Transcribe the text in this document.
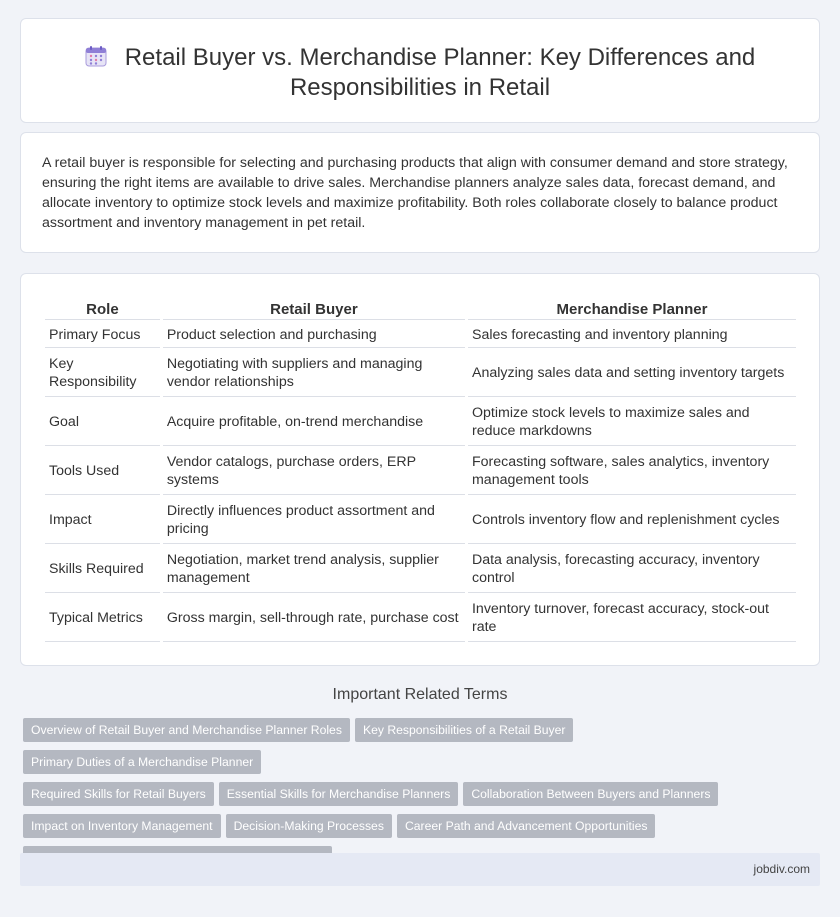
Retail Buyer vs. Merchandise Planner: Key Differences and
Responsibilities in Retail

A retail buyer is responsible for selecting and purchasing products that align with consumer demand and store strategy, ensuring the right items are available to drive sales. Merchandise planners analyze sales data, forecast demand, and allocate inventory to optimize stock levels and maximize profitability. Both roles collaborate closely to balance product assortment and inventory management in pet retail.

Role	Retail Buyer	Merchandise Planner
Primary Focus	Product selection and purchasing	Sales forecasting and inventory planning
Key Responsibility	Negotiating with suppliers and managing vendor relationships	Analyzing sales data and setting inventory targets
Goal	Acquire profitable, on-trend merchandise	Optimize stock levels to maximize sales and reduce markdowns
Tools Used	Vendor catalogs, purchase orders, ERP systems	Forecasting software, sales analytics, inventory management tools
Impact	Directly influences product assortment and pricing	Controls inventory flow and replenishment cycles
Skills Required	Negotiation, market trend analysis, supplier management	Data analysis, forecasting accuracy, inventory control
Typical Metrics	Gross margin, sell-through rate, purchase cost	Inventory turnover, forecast accuracy, stock-out rate
Important Related Terms
Overview of Retail Buyer and Merchandise Planner Roles Key Responsibilities of a Retail BuyerPrimary Duties of a Merchandise Planner
Required Skills for Retail Buyers Essential Skills for Merchandise Planners Collaboration Between Buyers and Planners
Impact on Inventory Management Decision-Making Processes Career Path and Advancement Opportunities

jobdiv.com
